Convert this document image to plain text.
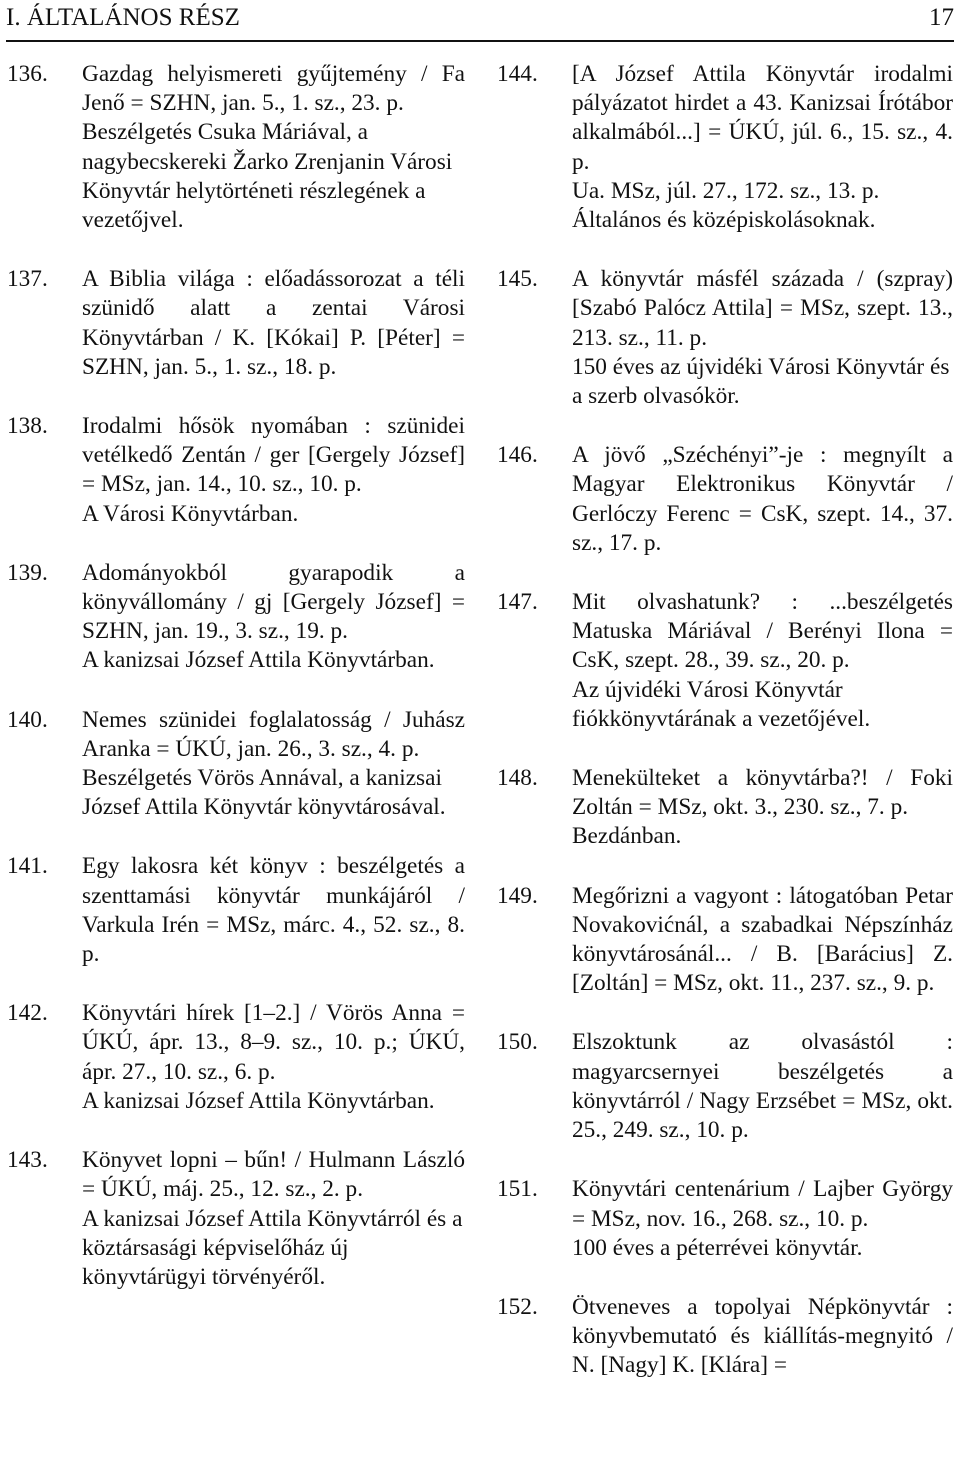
I. ÁLTALÁNOS RÉSZ	17
136. Gazdag helyismereti gyűjtemény / Fa Jenő = SZHN, jan. 5., 1. sz., 23. p.
Beszélgetés Csuka Máriával, a nagybecskereki Žarko Zrenjanin Városi Könyvtár helytörténeti részlegének a vezetőjvel.
137. A Biblia világa : előadássorozat a téli szünidő alatt a zentai Városi Könyvtárban / K. [Kókai] P. [Péter] = SZHN, jan. 5., 1. sz., 18. p.
138. Irodalmi hősök nyomában : szünidei vetélkedő Zentán / ger [Gergely József] = MSz, jan. 14., 10. sz., 10. p.
A Városi Könyvtárban.
139. Adományokból gyarapodik a könyvállomány / gj [Gergely József] = SZHN, jan. 19., 3. sz., 19. p.
A kanizsai József Attila Könyvtárban.
140. Nemes szünidei foglalatosság / Juhász Aranka = ÚKÚ, jan. 26., 3. sz., 4. p.
Beszélgetés Vörös Annával, a kanizsai József Attila Könyvtár könyvtárosával.
141. Egy lakosra két könyv : beszélgetés a szenttamási könyvtár munkájáról / Varkula Irén = MSz, márc. 4., 52. sz., 8. p.
142. Könyvtári hírek [1–2.] / Vörös Anna = ÚKÚ, ápr. 13., 8–9. sz., 10. p.; ÚKÚ, ápr. 27., 10. sz., 6. p.
A kanizsai József Attila Könyvtárban.
143. Könyvet lopni – bűn! / Hulmann László = ÚKÚ, máj. 25., 12. sz., 2. p.
A kanizsai József Attila Könyvtárról és a köztársasági képviselőház új könyvtárügyi törvényéről.
144. [A József Attila Könyvtár irodalmi pályázatot hirdet a 43. Kanizsai Írótábor alkalmából...] = ÚKÚ, júl. 6., 15. sz., 4. p.
Ua. MSz, júl. 27., 172. sz., 13. p. Általános és középiskolásoknak.
145. A könyvtár másfél százada / (szpray) [Szabó Palócz Attila] = MSz, szept. 13., 213. sz., 11. p.
150 éves az újvidéki Városi Könyvtár és a szerb olvasókör.
146. A jövő „Széchényi”-je : megnyílt a Magyar Elektronikus Könyvtár / Gerlóczy Ferenc = CsK, szept. 14., 37. sz., 17. p.
147. Mit olvashatunk? : ...beszélgetés Matuska Máriával / Berényi Ilona = CsK, szept. 28., 39. sz., 20. p.
Az újvidéki Városi Könyvtár fiókkönyvtárának a vezetőjével.
148. Menekülteket a könyvtárba?! / Foki Zoltán = MSz, okt. 3., 230. sz., 7. p.
Bezdánban.
149. Megőrizni a vagyont : látogatóban Petar Novakovićnál, a szabadkai Népszínház könyvtárosánál... / B. [Barácius] Z. [Zoltán] = MSz, okt. 11., 237. sz., 9. p.
150. Elszoktunk az olvasástól : magyarcsernyei beszélgetés a könyvtárról / Nagy Erzsébet = MSz, okt. 25., 249. sz., 10. p.
151. Könyvtári centenárium / Lajber György = MSz, nov. 16., 268. sz., 10. p.
100 éves a péterrévei könyvtár.
152. Ötveneves a topolyai Népkönyvtár : könyvbemutató és kiállítás-megnyitó / N. [Nagy] K. [Klára] =
